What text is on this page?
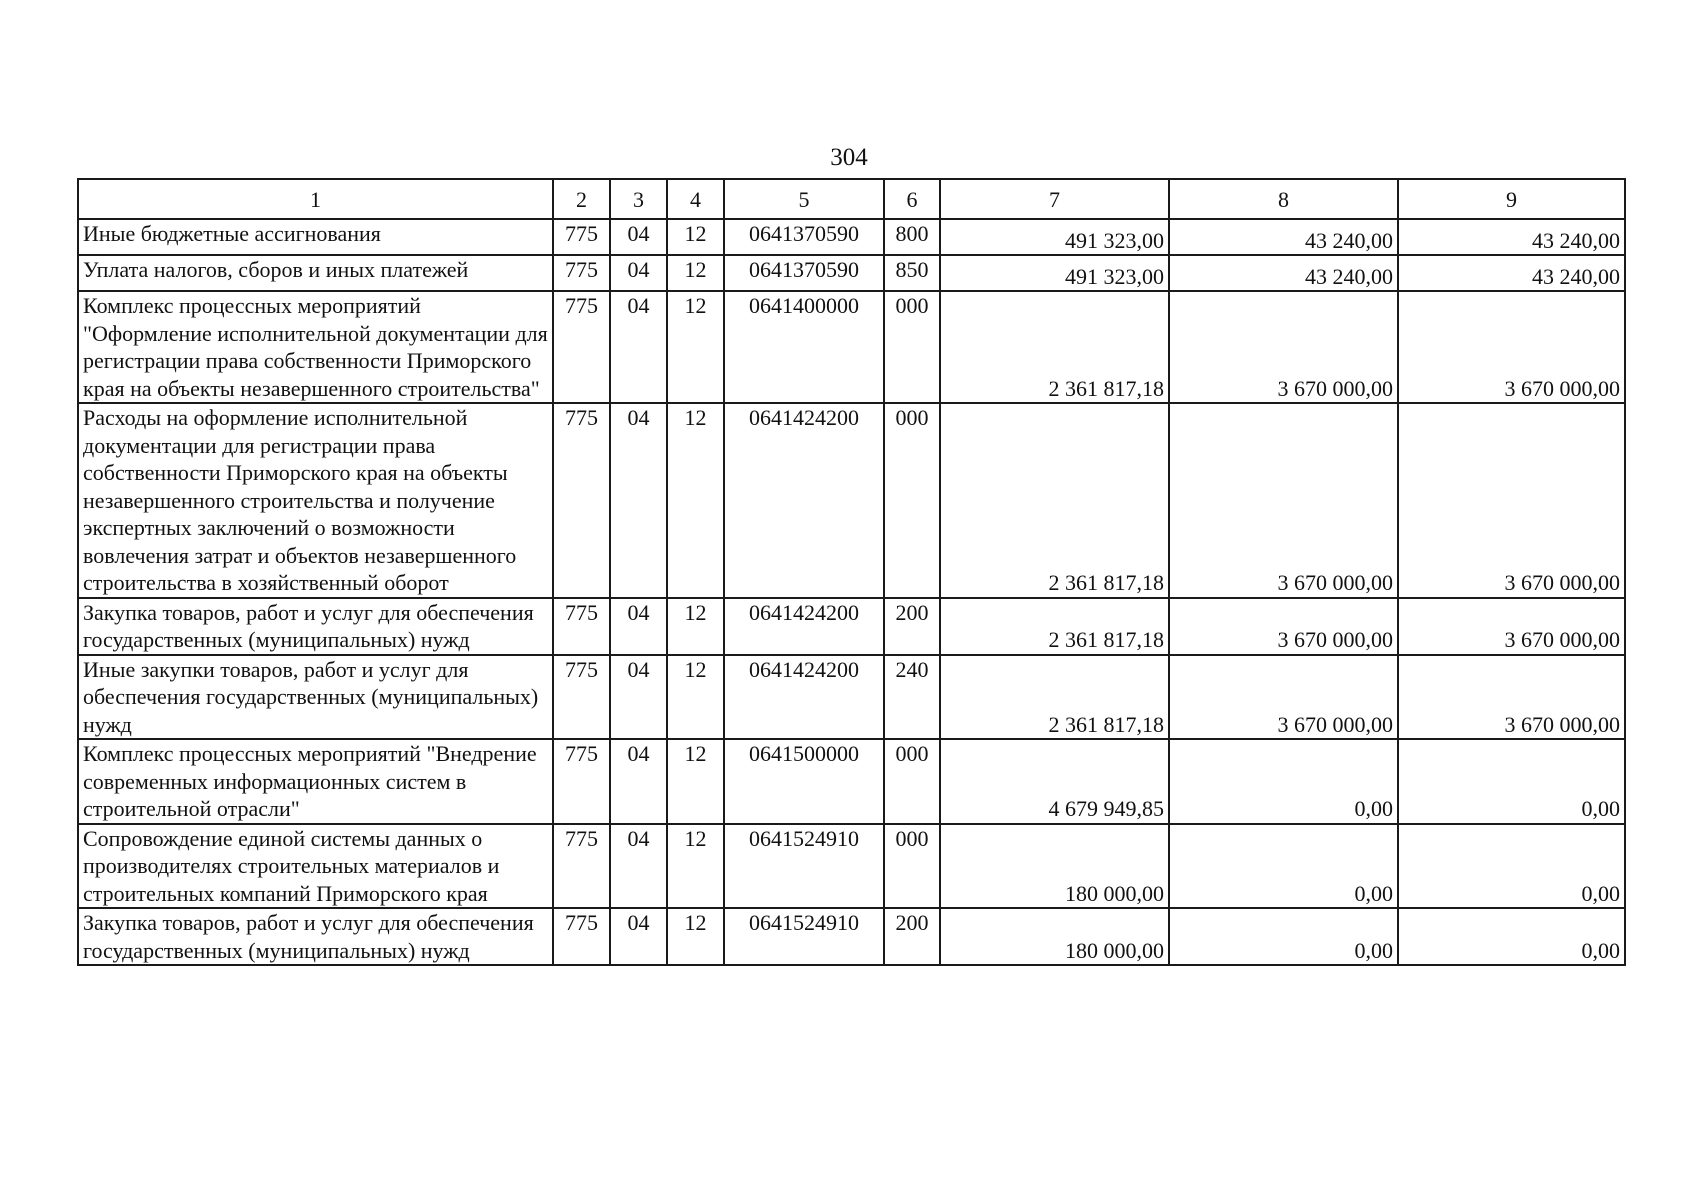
304
1	2	3	4	5	6	7	8	9
Иные бюджетные ассигнования	775	04	12	0641370590	800	491 323,00	43 240,00	43 240,00
Уплата налогов, сборов и иных платежей	775	04	12	0641370590	850	491 323,00	43 240,00	43 240,00
Комплекс процессных мероприятий "Оформление исполнительной документации для регистрации права собственности Приморского края на объекты незавершенного строительства"	775	04	12	0641400000	000	2 361 817,18	3 670 000,00	3 670 000,00
Расходы на оформление исполнительной документации для регистрации права собственности Приморского края на объекты незавершенного строительства и получение экспертных заключений о возможности вовлечения затрат и объектов незавершенного строительства в хозяйственный оборот	775	04	12	0641424200	000	2 361 817,18	3 670 000,00	3 670 000,00
Закупка товаров, работ и услуг для обеспечения государственных (муниципальных) нужд	775	04	12	0641424200	200	2 361 817,18	3 670 000,00	3 670 000,00
Иные закупки товаров, работ и услуг для обеспечения государственных (муниципальных) нужд	775	04	12	0641424200	240	2 361 817,18	3 670 000,00	3 670 000,00
Комплекс процессных мероприятий "Внедрение современных информационных систем в строительной отрасли"	775	04	12	0641500000	000	4 679 949,85	0,00	0,00
Сопровождение единой системы данных о производителях строительных материалов и строительных компаний Приморского края	775	04	12	0641524910	000	180 000,00	0,00	0,00
Закупка товаров, работ и услуг для обеспечения государственных (муниципальных) нужд	775	04	12	0641524910	200	180 000,00	0,00	0,00
